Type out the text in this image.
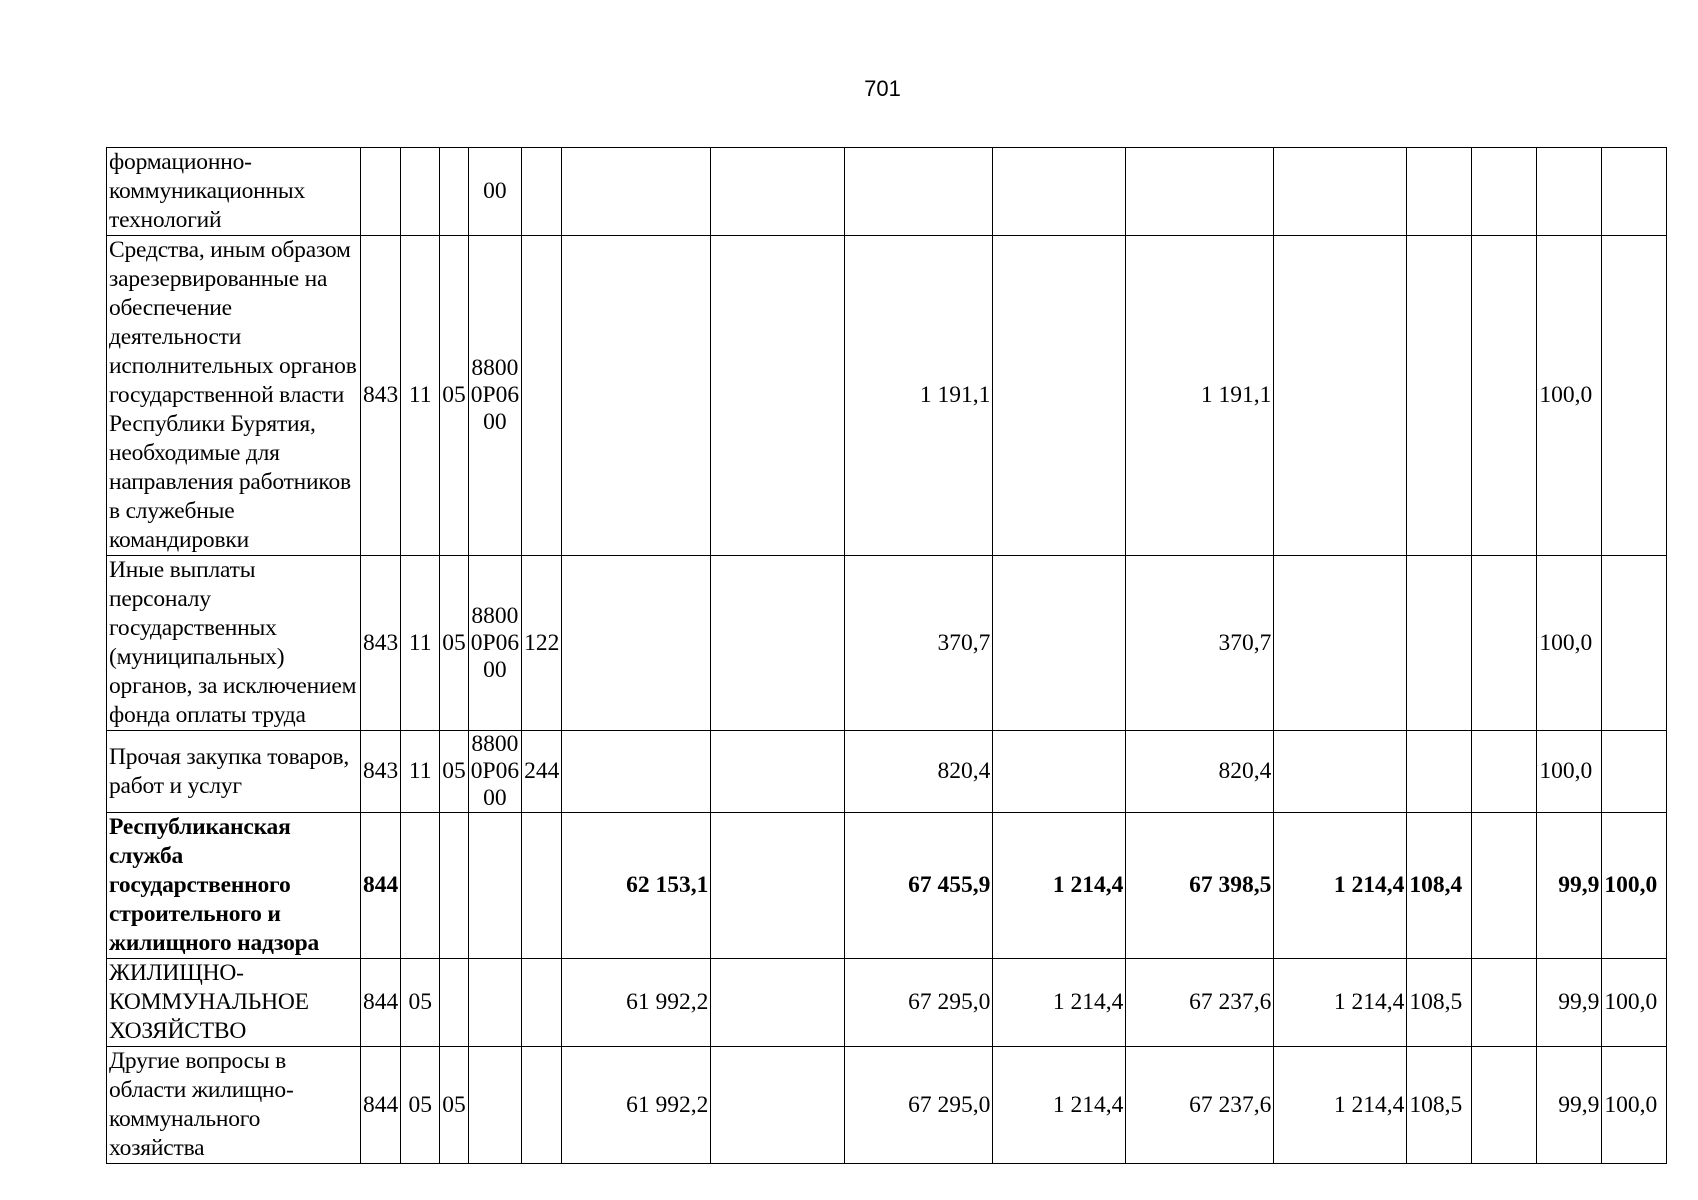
701
формационно-коммуникационных технологий				00											
Средства, иным образом зарезервированные на обеспечение деятельности исполнительных органов государственной власти Республики Бурятия, необходимые для направления работников в служебные командировки	843	11	05	8800 0P06 00				1 191,1		1 191,1				100,0	
Иные выплаты персоналу государственных (муниципальных) органов, за исключением фонда оплаты труда	843	11	05	8800 0P06 00	122			370,7		370,7				100,0	
Прочая закупка товаров, работ и услуг	843	11	05	8800 0P06 00	244			820,4		820,4				100,0	
Республиканская служба государственного строительного и жилищного надзора	844					62 153,1		67 455,9	1 214,4	67 398,5	1 214,4	108,4		99,9	100,0
ЖИЛИЩНО-КОММУНАЛЬНОЕ ХОЗЯЙСТВО	844	05				61 992,2		67 295,0	1 214,4	67 237,6	1 214,4	108,5		99,9	100,0
Другие вопросы в области жилищно-коммунального хозяйства	844	05	05			61 992,2		67 295,0	1 214,4	67 237,6	1 214,4	108,5		99,9	100,0
